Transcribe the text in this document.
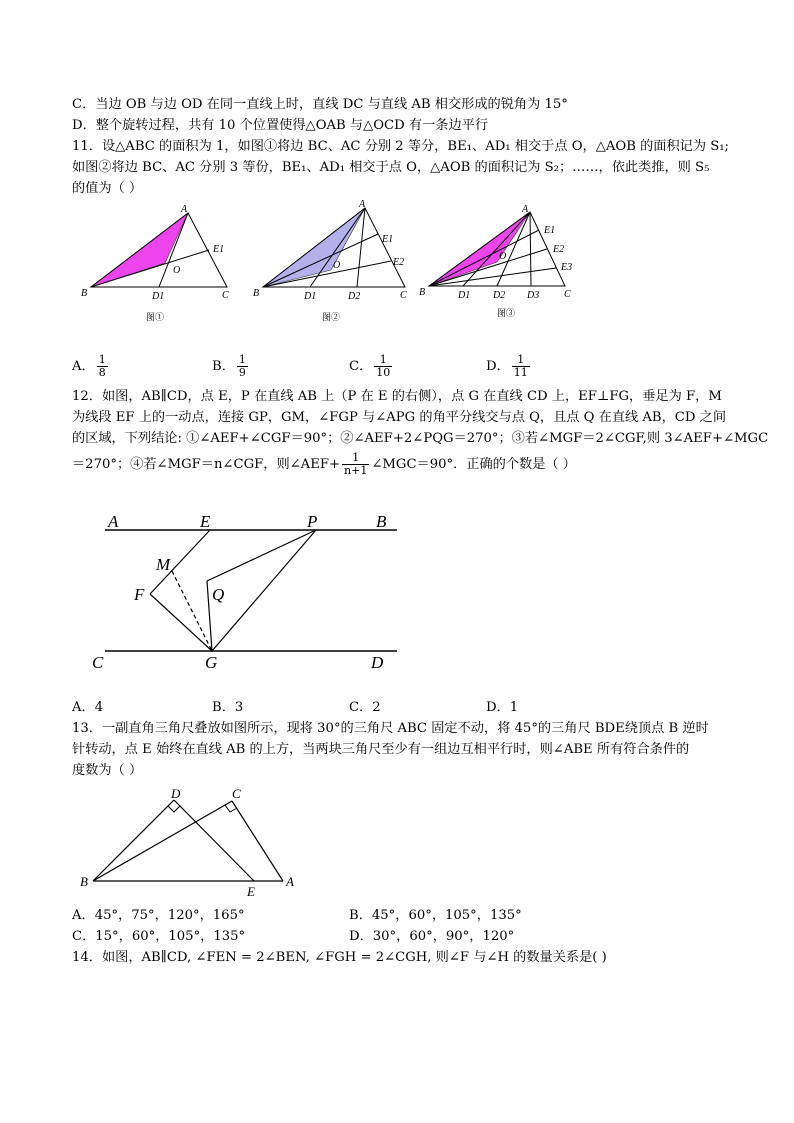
C．当边 OB 与边 OD 在同一直线上时，直线 DC 与直线 AB 相交形成的锐角为 15°
D．整个旋转过程，共有 10 个位置使得△OAB 与△OCD 有一条边平行
11．设△ABC 的面积为 1，如图①将边 BC、AC 分别 2 等分，BE₁、AD₁ 相交于点 O，△AOB 的面积记为 S₁;
如图②将边 BC、AC 分别 3 等份，BE₁、AD₁ 相交于点 O，△AOB 的面积记为 S₂；……，依此类推，则 S₅
的值为（ ）
A
B	C
O
D1
E1
图①
A
B	C
O
D1	D2
E1
E2
图②
A
B	C
O
D1 D2 D3
E1
E2
E3
图③
A． $\frac{1}{8}$	B． $\frac{1}{9}$	C． $\frac{1}{10}$	D． $\frac{1}{11}$
12．如图，AB∥CD，点 E，P 在直线 AB 上（P 在 E 的右侧），点 G 在直线 CD 上，EF⊥FG，垂足为 F，M
为线段 EF 上的一动点，连接 GP，GM，∠FGP 与∠APG 的角平分线交与点 Q，且点 Q 在直线 AB，CD 之间
的区域，下列结论: ①∠AEF+∠CGF＝90°；②∠AEF+2∠PQG＝270°；③若∠MGF＝2∠CGF,则 3∠AEF+∠MGC
＝270°；④若∠MGF＝n∠CGF，则∠AEF+ $\frac{1}{n+1}$ ∠MGC＝90°．正确的个数是（ ）
A	E	P	B
M
F	Q
C	G	D
A．4	B．3	C．2	D．1
13．一副直角三角尺叠放如图所示，现将 30°的三角尺 ABC 固定不动，将 45°的三角尺 BDE绕顶点 B 逆时
针转动，点 E 始终在直线 AB 的上方，当两块三角尺至少有一组边互相平行时，则∠ABE 所有符合条件的
度数为（ ）
D	C
B
E
A
A．45°，75°，120°，165°	B．45°，60°，105°，135°
C．15°，60°，105°，135°	D．30°，60°，90°，120°
14．如图，AB∥CD, ∠FEN = 2∠BEN, ∠FGH = 2∠CGH, 则∠F 与∠H 的数量关系是( )
